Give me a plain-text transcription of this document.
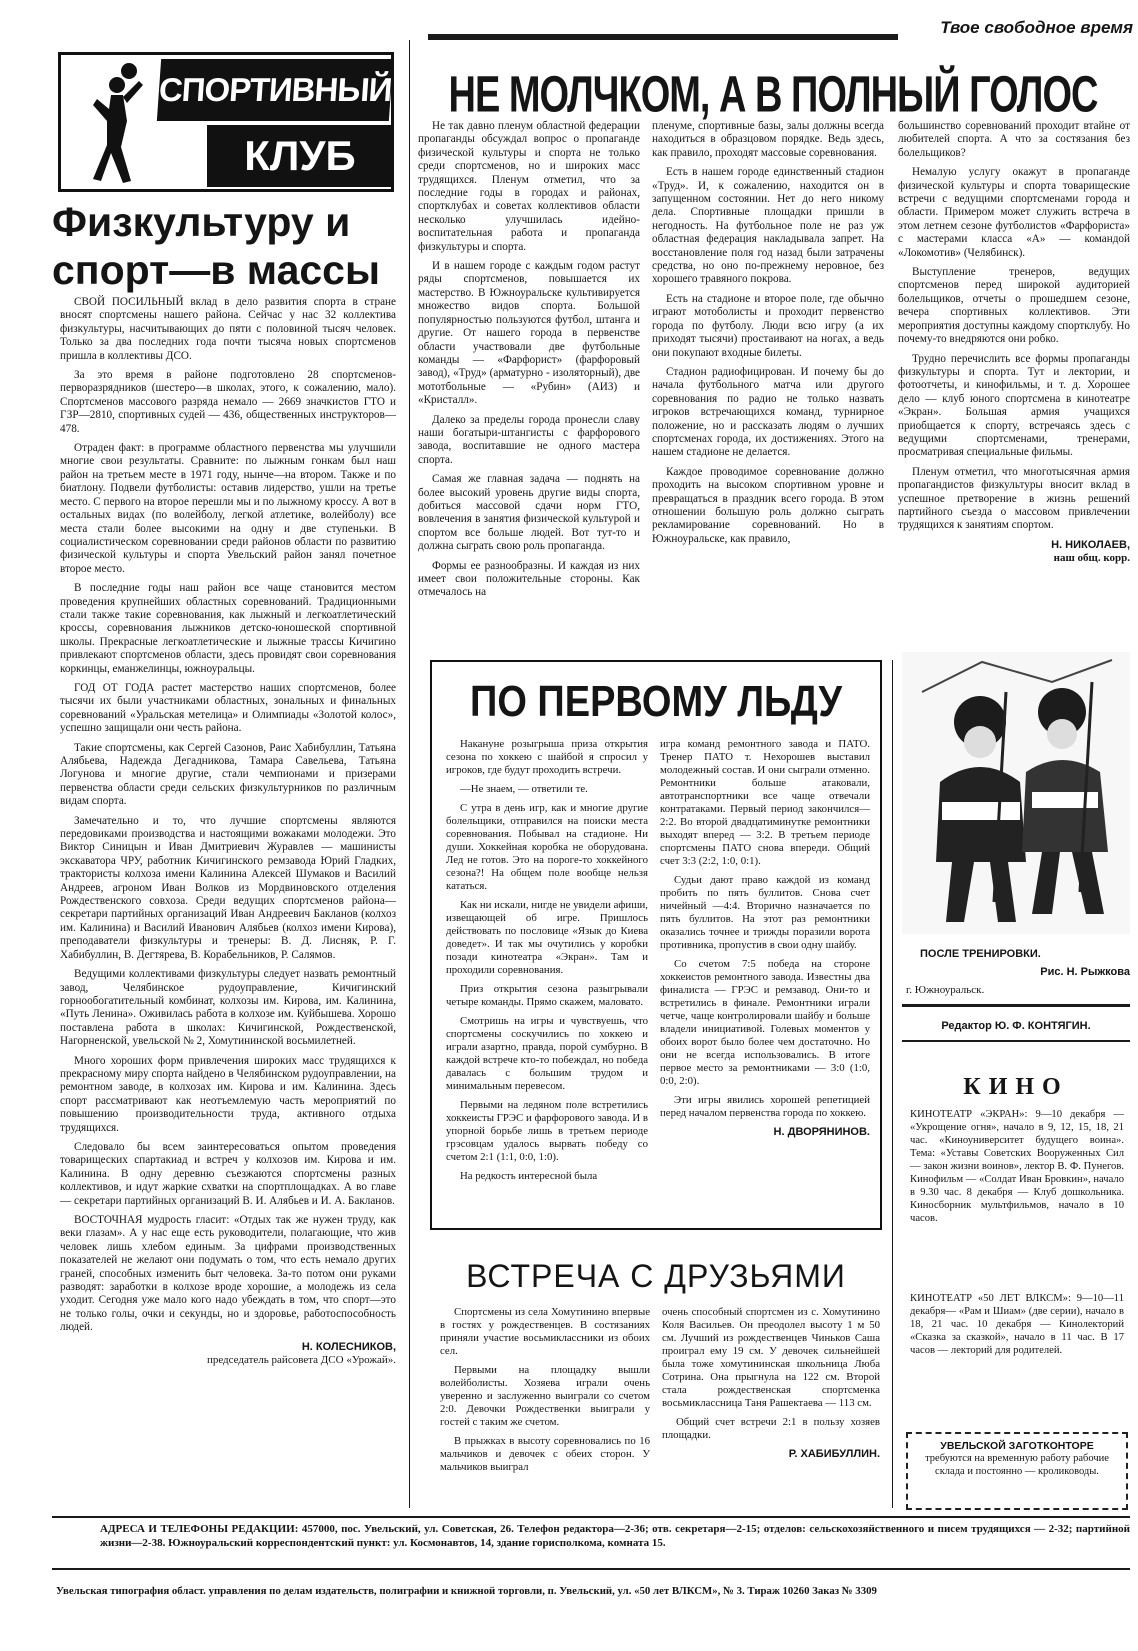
Твое свободное время
СПОРТИВНЫЙ
КЛУБ
Физкультуру и спорт—в массы

СВОЙ ПОСИЛЬНЫЙ вклад в дело развития спорта в стране вносят спортсмены нашего района. Сейчас у нас 32 коллектива физкультуры, насчитывающих до пяти с половиной тысяч человек. Только за два последних года почти тысяча новых спортсменов пришла в коллективы ДСО.

За это время в районе подготовлено 28 спортсменов-перворазрядников (шестеро—в школах, этого, к сожалению, мало). Спортсменов массового разряда немало — 2669 значкистов ГТО и ГЗР—2810, спортивных судей — 436, общественных инструкторов—478.

Отраден факт: в программе областного первенства мы улучшили многие свои результаты. Сравните: по лыжным гонкам был наш район на третьем месте в 1971 году, нынче—на втором. Также и по биатлону. Подвели футболисты: оставив лидерство, ушли на третье место. С первого на второе перешли мы и по лыжному кроссу. А вот в остальных видах (по волейболу, легкой атлетике, волейболу) все места стали более высокими на одну и две ступеньки. В социалистическом соревновании среди районов области по развитию физической культуры и спорта Увельский район занял почетное второе место.

В последние годы наш район все чаще становится местом проведения крупнейших областных соревнований. Традиционными стали также такие соревнования, как лыжный и легкоатлетический кроссы, соревнования лыжников детско-юношеской спортивной школы. Прекрасные легкоатлетические и лыжные трассы Кичигино привлекают спортсменов области, здесь провидят свои соревнования коркинцы, еманжелинцы, южноуральцы.

ГОД ОТ ГОДА растет мастерство наших спортсменов, более тысячи их были участниками областных, зональных и финальных соревнований «Уральская метелица» и Олимпиады «Золотой колос», успешно защищали они честь района.

Такие спортсмены, как Сергей Сазонов, Раис Хабибуллин, Татьяна Алябьева, Надежда Дегадникова, Тамара Савельева, Татьяна Логунова и многие другие, стали чемпионами и призерами первенства области среди сельских физкультурников по различным видам спорта.

Замечательно и то, что лучшие спортсмены являются передовиками производства и настоящими вожаками молодежи. Это Виктор Синицын и Иван Дмитриевич Журавлев — машинисты экскаватора ЧРУ, работник Кичигинского ремзавода Юрий Гладких, трактористы колхоза имени Калинина Алексей Шумаков и Василий Андреев, агроном Иван Волков из Мордвиновского отделения Рождественского совхоза. Среди ведущих спортсменов района—секретари партийных организаций Иван Андреевич Бакланов (колхоз им. Калинина) и Василий Иванович Алябьев (колхоз имени Кирова), преподаватели физкультуры и тренеры: В. Д. Лисняк, Р. Г. Хабибуллин, В. Дегтярева, В. Корабельников, Р. Салямов.

Ведущими коллективами физкультуры следует назвать ремонтный завод, Челябинское рудоуправление, Кичигинский горнообогатительный комбинат, колхозы им. Кирова, им. Калинина, «Путь Ленина». Оживилась работа в колхозе им. Куйбышева. Хорошо поставлена работа в школах: Кичигинской, Рождественской, Нагорненской, увельской № 2, Хомутининской восьмилетней.

Много хороших форм привлечения широких масс трудящихся к прекрасному миру спорта найдено в Челябинском рудоуправлении, на ремонтном заводе, в колхозах им. Кирова и им. Калинина. Здесь спорт рассматривают как неотъемлемую часть мероприятий по повышению производительности труда, активного отдыха трудящихся.

Следовало бы всем заинтересоваться опытом проведения товарищеских спартакиад и встреч у колхозов им. Кирова и им. Калинина. В одну деревню съезжаются спортсмены разных коллективов, и идут жаркие схватки на спортплощадках. А во главе — секретари партийных организаций В. И. Алябьев и И. А. Бакланов.

ВОСТОЧНАЯ мудрость гласит: «Отдых так же нужен труду, как веки глазам». А у нас еще есть руководители, полагающие, что жив человек лишь хлебом единым. За цифрами производственных показателей не желают они подумать о том, что есть немало других граней, способных изменить быт человека. За-то потом они руками разводят: заработки в колхозе вроде хорошие, а молодежь из села уходит. Сегодня уже мало кого надо убеждать в том, что спорт—это не только голы, очки и секунды, но и здоровье, работоспособность людей.

Н. КОЛЕСНИКОВ,
председатель райсовета ДСО «Урожай».
НЕ МОЛЧКОМ, А В ПОЛНЫЙ ГОЛОС

Не так давно пленум областной федерации пропаганды обсуждал вопрос о пропаганде физической культуры и спорта не только среди спортсменов, но и широких масс трудящихся. Пленум отметил, что за последние годы в городах и районах, спортклубах и советах коллективов области несколько улучшилась идейно-воспитательная работа и пропаганда физкультуры и спорта.

И в нашем городе с каждым годом растут ряды спортсменов, повышается их мастерство. В Южноуральске культивируется множество видов спорта. Большой популярностью пользуются футбол, штанга и другие. От нашего города в первенстве области участвовали две футбольные команды — «Фарфорист» (фарфоровый завод), «Труд» (арматурно - изоляторный), две мототбольные — «Рубин» (АИЗ) и «Кристалл».

Далеко за пределы города пронесли славу наши богатыри-штангисты с фарфорового завода, воспитавшие не одного мастера спорта.

Самая же главная задача — поднять на более высокий уровень другие виды спорта, добиться массовой сдачи норм ГТО, вовлечения в занятия физической культурой и спортом все больше людей. Вот тут-то и должна сыграть свою роль пропаганда.

Формы ее разнообразны. И каждая из них имеет свои положительные стороны. Как отмечалось на

пленуме, спортивные базы, залы должны всегда находиться в образцовом порядке. Ведь здесь, как правило, проходят массовые соревнования.

Есть в нашем городе единственный стадион «Труд». И, к сожалению, находится он в запущенном состоянии. Нет до него никому дела. Спортивные площадки пришли в негодность. На футбольное поле не раз уж областная федерация накладывала запрет. На восстановление поля год назад были затрачены средства, но оно по-прежнему неровное, без хорошего травяного покрова.

Есть на стадионе и второе поле, где обычно играют мотоболисты и проходит первенство города по футболу. Люди всю игру (а их приходят тысячи) простаивают на ногах, а ведь они покупают входные билеты.

Стадион радиофицирован. И почему бы до начала футбольного матча или другого соревнования по радио не только назвать игроков встречающихся команд, турнирное положение, но и рассказать людям о лучших спортсменах города, их достижениях. Этого на нашем стадионе не делается.

Каждое проводимое соревнование должно проходить на высоком спортивном уровне и превращаться в праздник всего города. В этом отношении большую роль должно сыграть рекламирование соревнований. Но в Южноуральске, как правило,

большинство соревнований проходит втайне от любителей спорта. А что за состязания без болельщиков?

Немалую услугу окажут в пропаганде физической культуры и спорта товарищеские встречи с ведущими спортсменами города и области. Примером может служить встреча в этом летнем сезоне футболистов «Фарфориста» с мастерами класса «А» — командой «Локомотив» (Челябинск).

Выступление тренеров, ведущих спортсменов перед широкой аудиторией болельщиков, отчеты о прошедшем сезоне, вечера спортивных коллективов. Эти мероприятия доступны каждому спортклубу. Но почему-то внедряются они робко.

Трудно перечислить все формы пропаганды физкультуры и спорта. Тут и лектории, и фотоотчеты, и кинофильмы, и т. д. Хорошее дело — клуб юного спортсмена в кинотеатре «Экран». Большая армия учащихся приобщается к спорту, встречаясь здесь с ведущими спортсменами, тренерами, просматривая специальные фильмы.

Пленум отметил, что многотысячная армия пропагандистов физкультуры вносит вклад в успешное претворение в жизнь решений партийного съезда о массовом привлечении трудящихся к занятиям спортом.

Н. НИКОЛАЕВ,
наш общ. корр.
ПО ПЕРВОМУ ЛЬДУ

Накануне розыгрыша приза открытия сезона по хоккею с шайбой я спросил у игроков, где будут проходить встречи.

—Не знаем, — ответили те.

С утра в день игр, как и многие другие болельщики, отправился на поиски места соревнования. Побывал на стадионе. Ни души. Хоккейная коробка не оборудована. Лед не готов. Это на пороге-то хоккейного сезона?! На общем поле вообще нельзя кататься.

Как ни искали, нигде не увидели афиши, извещающей об игре. Пришлось действовать по пословице «Язык до Киева доведет». И так мы очутились у коробки позади кинотеатра «Экран». Там и проходили соревнования.

Приз открытия сезона разыгрывали четыре команды. Прямо скажем, маловато.

Смотришь на игры и чувствуешь, что спортсмены соскучились по хоккею и играли азартно, правда, порой сумбурно. В каждой встрече кто-то побеждал, но победа давалась с большим трудом и минимальным перевесом.

Первыми на ледяном поле встретились хоккеисты ГРЭС и фарфорового завода. И в упорной борьбе лишь в третьем периоде грэсовцам удалось вырвать победу со счетом 2:1 (1:1, 0:0, 1:0).

На редкость интересной была

игра команд ремонтного завода и ПАТО. Тренер ПАТО т. Нехорошев выставил молодежный состав. И они сыграли отменно. Ремонтники больше атаковали, автотранспортники все чаще отвечали контратаками. Первый период закончился—2:2. Во второй двадцатиминутке ремонтники выходят вперед — 3:2. В третьем периоде спортсмены ПАТО снова впереди. Общий счет 3:3 (2:2, 1:0, 0:1).

Судьи дают право каждой из команд пробить по пять буллитов. Снова счет ничейный —4:4. Вторично назначается по пять буллитов. На этот раз ремонтники оказались точнее и трижды поразили ворота противника, пропустив в свои одну шайбу.

Со счетом 7:5 победа на стороне хоккеистов ремонтного завода. Известны два финалиста — ГРЭС и ремзавод. Они-то и встретились в финале. Ремонтники играли четче, чаще контролировали шайбу и больше владели инициативой. Голевых моментов у обоих ворот было более чем достаточно. Но они не всегда использовались. В итоге первое место за ремонтниками — 3:0 (1:0, 0:0, 2:0).

Эти игры явились хорошей репетицией перед началом первенства города по хоккею.

Н. ДВОРЯНИНОВ.
ВСТРЕЧА С ДРУЗЬЯМИ

Спортсмены из села Хомутинино впервые в гостях у рождественцев. В состязаниях приняли участие восьмиклассники из обоих сел.

Первыми на площадку вышли волейболисты. Хозяева играли очень уверенно и заслуженно выиграли со счетом 2:0. Девочки Рождественки выиграли у гостей с таким же счетом.

В прыжках в высоту соревновались по 16 мальчиков и девочек с обеих сторон. У мальчиков выиграл

очень способный спортсмен из с. Хомутинино Коля Васильев. Он преодолел высоту 1 м 50 см. Лучший из рождественцев Чиньков Саша проиграл ему 19 см. У девочек сильнейшей была тоже хомутининская школьница Люба Сотрина. Она прыгнула на 122 см. Второй стала рождественская спортсменка восьмиклассница Таня Рашектаева — 113 см.

Общий счет встречи 2:1 в пользу хозяев площадки.

Р. ХАБИБУЛЛИН.
ПОСЛЕ ТРЕНИРОВКИ.
Рис. Н. Рыжкова
г. Южноуральск.
Редактор Ю. Ф. КОНТЯГИН.
КИНО
КИНОТЕАТР «ЭКРАН»: 9—10 декабря — «Укрощение огня», начало в 9, 12, 15, 18, 21 час. «Киноуниверситет будущего воина». Тема: «Уставы Советских Вооруженных Сил — закон жизни воинов», лектор В. Ф. Пунегов. Кинофильм — «Солдат Иван Бровкин», начало в 9.30 час. 8 декабря — Клуб дошкольника. Киносборник мультфильмов, начало в 10 часов.
КИНОТЕАТР «50 ЛЕТ ВЛКСМ»: 9—10—11 декабря— «Рам и Шиам» (две серии), начало в 18, 21 час. 10 декабря — Кинолекторий «Сказка за сказкой», начало в 11 час. В 17 часов — лекторий для родителей.
УВЕЛЬСКОЙ ЗАГОТКОНТОРЕ
требуются на временную работу рабочие склада и постоянно — кролиководы.
АДРЕСА И ТЕЛЕФОНЫ РЕДАКЦИИ: 457000, пос. Увельский, ул. Советская, 26. Телефон редактора—2-36; отв. секретаря—2-15; отделов: сельскохозяйственного и писем трудящихся — 2-32; партийной жизни—2-38. Южноуральский корреспондентский пункт: ул. Космонавтов, 14, здание горисполкома, комната 15.
Увельская типография област. управления по делам издательств, полиграфии и книжной торговли, п. Увельский, ул. «50 лет ВЛКСМ», № 3. Тираж 10260 Заказ № 3309
